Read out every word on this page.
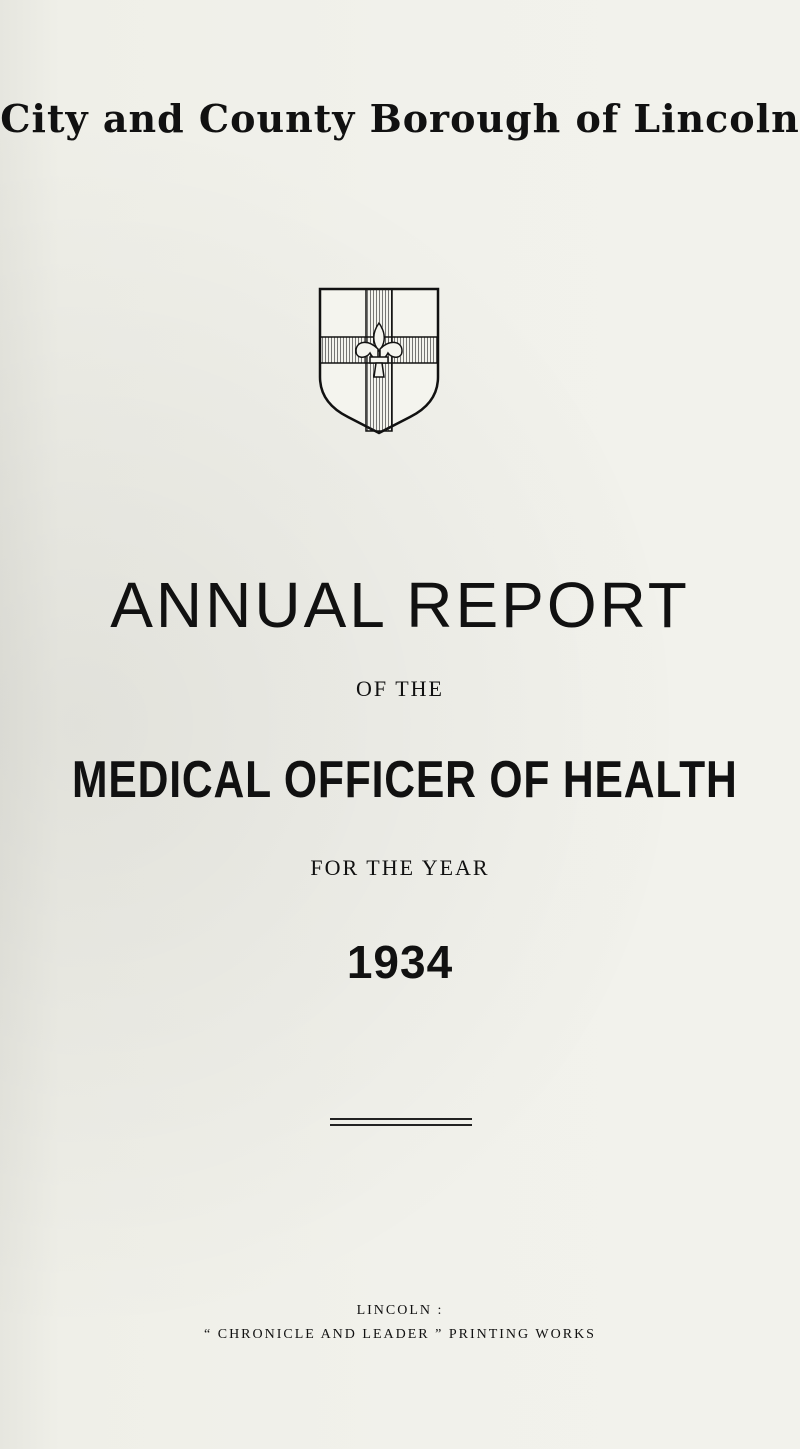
City and County Borough of Lincoln
ANNUAL REPORT
OF THE
MEDICAL OFFICER OF HEALTH
FOR THE YEAR
1934
LINCOLN :
“ CHRONICLE AND LEADER ” PRINTING WORKS
